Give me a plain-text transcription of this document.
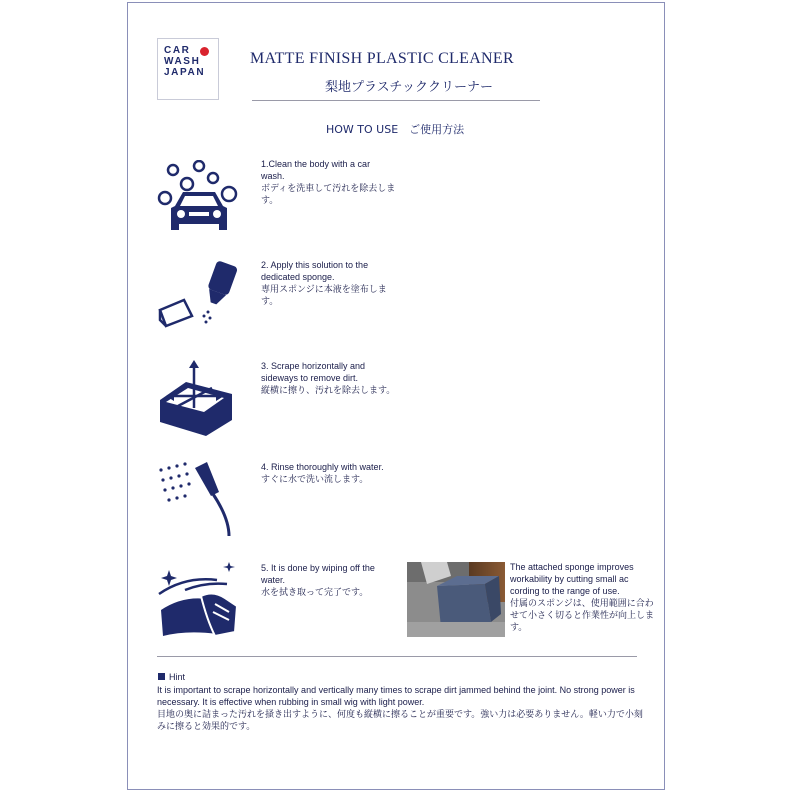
CAR
WASH
JAPAN
MATTE FINISH PLASTIC CLEANER
梨地プラスチッククリーナー
HOW TO USE　ご使用方法
1.Clean the body with a car wash.
ボディを洗車して汚れを除去します。
2. Apply this solution to the dedicated sponge.
専用スポンジに本液を塗布します。
3. Scrape horizontally and sideways to remove dirt.
縦横に擦り、汚れを除去します。
4. Rinse thoroughly with water.
すぐに水で洗い流します。
5. It is done by wiping off the water.
水を拭き取って完了です。
The attached sponge improves workability by cutting small ac cording to the range of use.
付属のスポンジは、使用範囲に合わせて小さく切ると作業性が向上します。
Hint

It is important to scrape horizontally and vertically many times to scrape dirt jammed behind the joint. No strong power is necessary. It is effective when rubbing in small wig with light power.

目地の奥に詰まった汚れを掻き出すように、何度も縦横に擦ることが重要です。強い力は必要ありません。軽い力で小刻みに擦ると効果的です。
